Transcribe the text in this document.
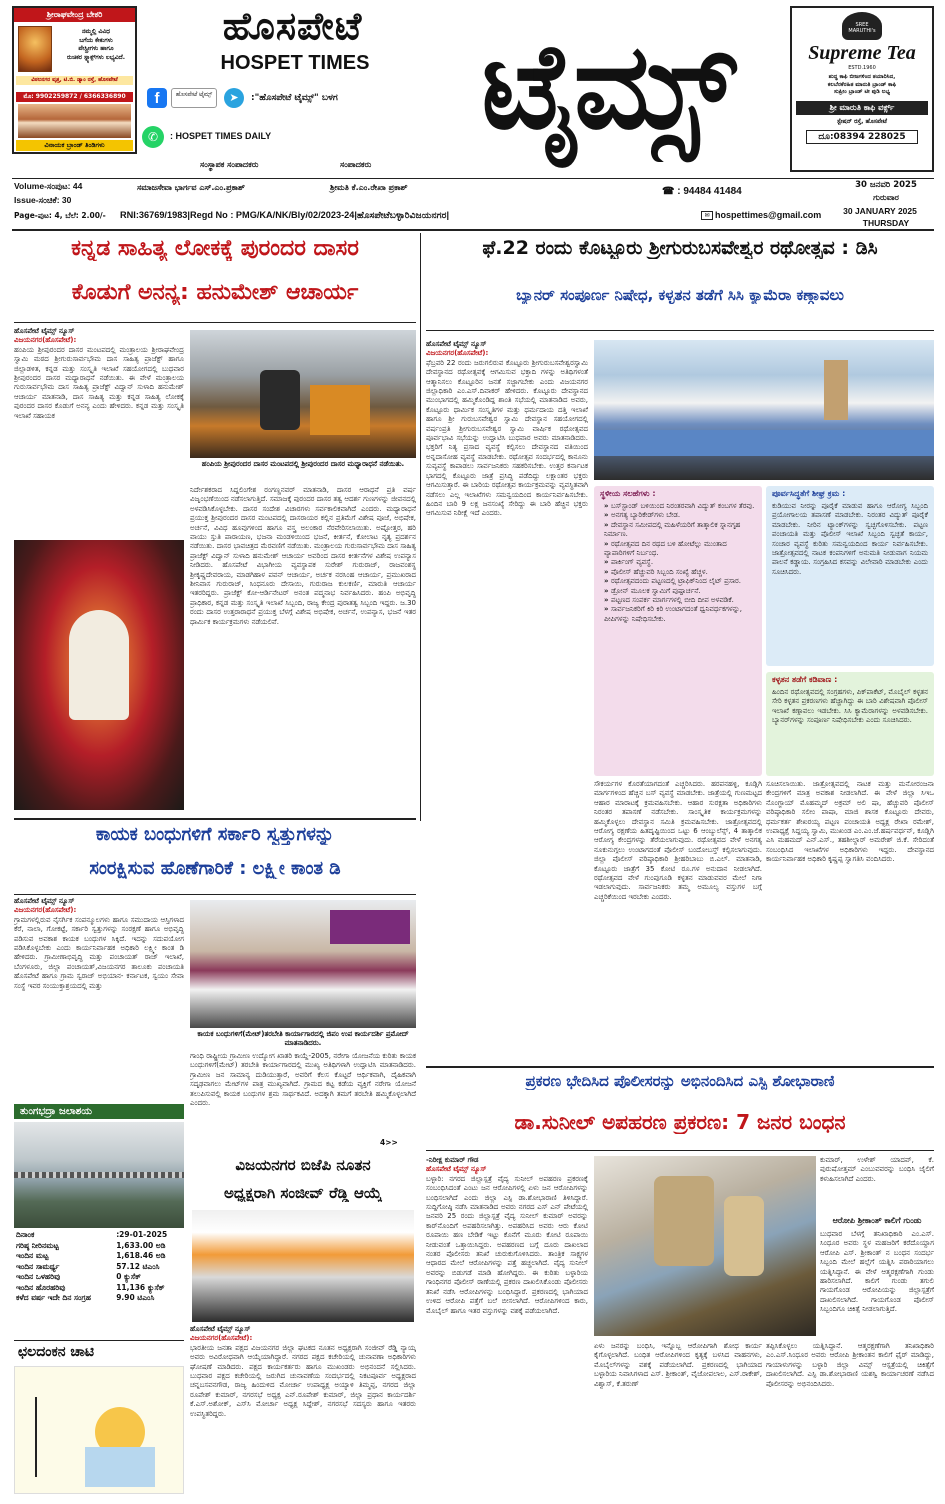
ಶ್ರೀರಾಘವೇಂದ್ರ ಬೇಕರಿ
ನಮ್ಮಲ್ಲಿ ವಿವಿಧ
ಬಗೆಯ ಕೇಕುಗಳು
ಪೇಸ್ಟ್ರೀಗಳು ಹಾಗೂ
ರುಚಿಕರ ಸ್ನ್ಯಾಕ್ಸ್‌ಗಳು ಲಭ್ಯವಿದೆ.
ವಿಠಲನಗರ ವೃತ್ತ, ಟಿ.ಬಿ. ಡ್ಯಾಂ ರಸ್ತೆ, ಹೊಸಪೇಟೆ
ಮೊ: 9902259872 / 6366336890
ವಿನಾಯಕ ಬ್ರಾಂಡ್ ತಿಂಡಿಗಳು
ಹೊಸಪೇಟೆ
HOSPET TIMES ಟೈಮ್ಸ್
f	ಹೊಸಪೇಟೆ ಟೈಮ್ಸ್	➤	:"ಹೊಸಪೇಟೆ ಟೈಮ್ಸ್" ಬಳಗ
✆	: HOSPET TIMES DAILY
ಸಂಸ್ಥಾಪಕ ಸಂಪಾದಕರು	ಸಂಪಾದಕರು
SREE MARUTHI's
Supreme Tea
ESTD.1960
ಶುದ್ಧ ಕಾಫಿ ಬೀಜಗಳಿಂದ ತಯಾರಿಸಿದ,
ಕಲಬೆರಕೆರಹಿತ ಮಾರುತಿ ಬ್ರಾಂಡ್ ಕಾಫಿ
ಸುಪ್ರೀಂ ಬ್ರಾಂಡ್ ಟೀ ಪುಡಿ ಲಭ್ಯ
ಶ್ರೀ ಮಾರುತಿ ಕಾಫಿ ವರ್ಕ್ಸ್
ಸ್ಟೇಷನ್ ರಸ್ತೆ, ಹೊಸಪೇಟೆ
ದೂ:08394 228025
Volume-ಸಂಪುಟ: 44
Issue-ಸಂಚಿಕೆ: 30
Page-ಪುಟ: 4, ಬೆಲೆ: 2.00/-
ಸಮಾಜಸೇವಾ ಭಾರ್ಗವ ಎಸ್.ಎಂ.ಪ್ರಕಾಶ್	ಶ್ರೀಮತಿ ಕೆ.ಎಂ.ರೇಖಾ ಪ್ರಕಾಶ್	☎ : 94484 41484
RNI:36769/1983|Regd No : PMG/KA/NK/Bly/02/2023-24|ಹೊಸಪೇಟೆಬಳ್ಳಾರಿವಿಜಯನಗರ|	✉ hospettimes@gmail.com
30 ಜನವರಿ 2025
ಗುರುವಾರ
30 JANUARY 2025
THURSDAY
ಕನ್ನಡ ಸಾಹಿತ್ಯ ಲೋಕಕ್ಕೆ ಪುರಂದರ ದಾಸರ
ಕೊಡುಗೆ ಅನನ್ಯ: ಹನುಮೇಶ್ ಆಚಾರ್ಯ
ಹೊಸಪೇಟೆ ಟೈಮ್ಸ್ ನ್ಯೂಸ್
ವಿಜಯನಗರ(ಹೊಸಪೇಟೆ):
ಹಂಪಿಯ ಶ್ರೀಪುರಂದರ ದಾಸರ ಮಂಟಪದಲ್ಲಿ ಮಂತ್ರಾಲಯ ಶ್ರೀರಾಘವೇಂದ್ರ ಸ್ವಾಮಿ ಮಠದ ಶ್ರೀಗುರುಸಾರ್ವಭೌಮ ದಾಸ ಸಾಹಿತ್ಯ ಪ್ರಾಜೆಕ್ಟ್ ಹಾಗೂ ಜಿಲ್ಲಾಡಳಿತ, ಕನ್ನಡ ಮತ್ತು ಸಂಸ್ಕೃತಿ ಇಲಾಖೆ ಸಹಯೋಗದಲ್ಲಿ ಬುಧವಾರ ಶ್ರೀಪುರಂದರ ದಾಸರ ಮಧ್ಯಾರಾಧನೆ ನಡೆಯಿತು. ಈ ವೇಳೆ ಮಂತ್ರಾಲಯ ಗುರುಸಾರ್ವಭೌಮ ದಾಸ ಸಾಹಿತ್ಯ ಪ್ರಾಜೆಕ್ಟ್ ವಿದ್ವಾನ್ ಸುಳಾದಿ ಹನುಮೇಶ್ ಆಚಾರ್ಯ ಮಾತನಾಡಿ, ದಾಸ ಸಾಹಿತ್ಯ ಮತ್ತು ಕನ್ನಡ ಸಾಹಿತ್ಯ ಲೋಕಕ್ಕೆ ಪುರಂದರ ದಾಸರ ಕೊಡುಗೆ ಅನನ್ಯ ಎಂದು ಹೇಳಿದರು. ಕನ್ನಡ ಮತ್ತು ಸಂಸ್ಕೃತಿ ಇಲಾಖೆ ಸಹಾಯಕ
ಹಂಪಿಯ ಶ್ರೀಪುರಂದರ ದಾಸರ ಮಂಟಪದಲ್ಲಿ ಶ್ರೀಪುರಂದರ ದಾಸರ ಮಧ್ಯಾರಾಧನೆ ನಡೆಯಿತು.
ನಿರ್ದೇಶಕರಾದ ಸಿದ್ದಲಿಂಗೇಶ ರಂಗಣ್ಣನವರ್ ಮಾತನಾಡಿ, ದಾಸರ ಆರಾಧನೆ ಪ್ರತಿ ವರ್ಷ ವಿಜೃಂಭಣೆಯಿಂದ ನಡೆಸಲಾಗುತ್ತಿದೆ. ಸಮಾಜಕ್ಕೆ ಪುರಂದರ ದಾಸರ ತತ್ವ ಆದರ್ಶ ಗುಣಗಳನ್ನು ಜೀವನದಲ್ಲಿ ಅಳವಡಿಸಿಕೊಳ್ಳಬೇಕು. ದಾಸರ ಸಂದೇಶ ವಿಚಾರಗಳು ಸರ್ವಕಾಲಿಕವಾಗಿದೆ ಎಂದರು. ಮಧ್ಯಾರಾಧನೆ ಪ್ರಯುಕ್ತ ಶ್ರೀಪುರಂದರ ದಾಸರ ಮಂಟಪದಲ್ಲಿ ದಾಸರಾಯರ ಕಲ್ಲಿನ ಪ್ರತಿಮೆಗೆ ವಿಶೇಷ ಪೂಜೆ, ಅಭಿಷೇಕ, ಅರ್ಚನೆ, ವಿವಿಧ ಹೂವುಗಳಿಂದ ಹಾಗೂ ವಸ್ತ್ರ ಅಲಂಕಾರ ನೆರವೇರಿಸಲಾಯಿತು. ಅಷ್ಟೋತ್ತರ, ಹರಿ ವಾಯು ಸ್ತುತಿ ಪಾರಾಯಣ, ಭಜನಾ ಮಂಡಳಿಯಿಂದ ಭಜನೆ, ಕೀರ್ತನೆ, ಕೋಲಾಟ ನೃತ್ಯ ಪ್ರದರ್ಶನ ನಡೆಯಿತು. ದಾಸರ ಭಾವಚಿತ್ರದ ಮೆರವಣಿಗೆ ನಡೆಯಿತು. ಮಂತ್ರಾಲಯ ಗುರುಸಾರ್ವಭೌಮ ದಾಸ ಸಾಹಿತ್ಯ ಪ್ರಾಜೆಕ್ಟ್ ವಿದ್ವಾನ್ ಸುಳಾದಿ ಹನುಮೇಶ್ ಆಚಾರ್ಯ ಅವರಿಂದ ದಾಸರ ಕೀರ್ತನೆಗಳ ವಿಶೇಷ ಉಪನ್ಯಾಸ ನೀಡಿದರು. ಹೊಸಪೇಟೆ ವಿಭಾಗೀಯ ವ್ಯವಸ್ಥಾಪಕ ಸುರೇಶ್ ಗುರುರಾಜ್, ರಾಜವಂಶಸ್ಥ ಶ್ರೀಕೃಷ್ಣದೇವರಾಯ, ಮಾಡಗಿಹಾಳ ಪವನ್ ಆಚಾರ್ಯ, ಅರ್ಚಕ ನರಸಿಂಹ ಆಚಾರ್ಯ, ಪ್ರಮುಖರಾದ ಶೀನಿವಾಸ ಗುರುರಾಜ್, ಸಿಂಧನೂರು ದೇಸಾಯಿ, ಗುರುರಾಜ ಕುಲಕರ್ಣಿ, ಮಾರುತಿ ಆಚಾರ್ಯ ಇತರರಿದ್ದರು. ಪ್ರಾಜೆಕ್ಟ್ ಕೋ-ಆರ್ಡಿನೇಟರ್ ಅನಂತ ಪದ್ಮನಾಭ ನಿರ್ವಹಿಸಿದರು. ಹಂಪಿ ಅಭಿವೃದ್ಧಿ ಪ್ರಾಧಿಕಾರ, ಕನ್ನಡ ಮತ್ತು ಸಂಸ್ಕೃತಿ ಇಲಾಖೆ ಸಿಬ್ಬಂದಿ, ರಾಜ್ಯ ಕೇಂದ್ರ ಪುರಾತತ್ವ ಸಿಬ್ಬಂದಿ ಇದ್ದರು. ಜ.30 ರಂದು ದಾಸರ ಉತ್ತರಾರಾಧನೆ ಪ್ರಯುಕ್ತ ಬೆಳಗ್ಗೆ ವಿಶೇಷ ಅಭಿಷೇಕ, ಅರ್ಚನೆ, ಉಪನ್ಯಾಸ, ಭಜನೆ ಇತರ ಧಾರ್ಮಿಕ ಕಾರ್ಯಕ್ರಮಗಳು ನಡೆಯಲಿವೆ.
ಕಾಯಕ ಬಂಧುಗಳಿಗೆ ಸರ್ಕಾರಿ ಸ್ವತ್ತುಗಳನ್ನು
ಸಂರಕ್ಷಿಸುವ ಹೊಣೆಗಾರಿಕೆ : ಲಕ್ಷ್ಮೀ ಕಾಂತ ಡಿ
ಹೊಸಪೇಟೆ ಟೈಮ್ಸ್ ನ್ಯೂಸ್
ವಿಜಯನಗರ(ಹೊಸಪೇಟೆ):
ಗ್ರಾಮಗಳಲ್ಲಿರುವ ನೈಸರ್ಗಿಕ ಸಂಪನ್ಮೂಲಗಳು ಹಾಗೂ ಸಮುದಾಯ ಆಸ್ತಿಗಳಾದ ಕೆರೆ, ನಾಲಾ, ಗೋಕಟ್ಟೆ, ಸರ್ಕಾರಿ ಸ್ವತ್ತುಗಳನ್ನು ಸಂರಕ್ಷಣೆ ಹಾಗೂ ಅಭಿವೃದ್ಧಿ ಪಡಿಸುವ ಅವಕಾಶ ಕಾಯಕ ಬಂಧುಗಳ ಸಿಕ್ಕಿದೆ. ಇದನ್ನು ಸದುಪಯೋಗ ಪಡಿಸಿಕೊಳ್ಳಬೇಕು ಎಂದು ಕಾರ್ಯನಿರ್ವಾಹಕ ಅಧಿಕಾರಿ ಲಕ್ಷ್ಮೀ ಕಾಂತ ಡಿ ಹೇಳಿದರು. ಗ್ರಾಮೀಣಾಭಿವೃದ್ಧಿ ಮತ್ತು ಪಂಚಾಯತ್ ರಾಜ್ ಇಲಾಖೆ, ಬೆಂಗಳೂರು, ಜಿಲ್ಲಾ ಪಂಚಾಯತ್,ವಿಜಯನಗರ ತಾಲೂಕು ಪಂಚಾಯತಿ ಹೊಸಪೇಟೆ ಹಾಗೂ ಗ್ರಾಮ ಸ್ವರಾಜ್ ಅಭಿಯಾನ- ಕರ್ನಾಟಕ, ಸ್ವಯಂ ಸೇವಾ ಸಂಸ್ಥೆ ಇವರ ಸಂಯುಕ್ತಾಶ್ರಯದಲ್ಲಿ ಮತ್ತು
ಕಾಯಕ ಬಂಧುಗಳಿಗೆ(ಮೇಟ್)ತರಬೇತಿ ಕಾರ್ಯಾಗಾರದಲ್ಲಿ ಜಿಪಂ ಉಪ ಕಾರ್ಯದರ್ಶಿ ಪ್ರಮೋದ್ ಮಾತನಾಡಿದರು.
ಗಾಂಧಿ ರಾಷ್ಟ್ರೀಯ ಗ್ರಾಮೀಣ ಉದ್ಯೋಗ ಖಾತರಿ ಕಾಯ್ದೆ-2005, ನರೇಗಾ ಯೋಜನೆಯ ಕುರಿತು ಕಾಯಕ ಬಂಧುಗಳಿಗೆ(ಮೇಟ್) ತರಬೇತಿ ಕಾರ್ಯಾಗಾರದಲ್ಲಿ ಮುಖ್ಯ ಅತಿಥಿಗಳಾಗಿ ಉದ್ಘಾಟಿಸಿ ಮಾತನಾಡಿದರು. ಗ್ರಾಮೀಣ ಜನ ಸಾಮಾನ್ಯ ದುಡಿಯುತ್ತಾರೆ, ಅವರಿಗೆ ಕೆಲಸ ಕೊಟ್ಟರೆ ಆರ್ಥಿಕವಾಗಿ, ದೈಹಿಕವಾಗಿ ಸದೃಢವಾಗಲು ಮೇಟ್‌ಗಳ ಪಾತ್ರ ಮುಖ್ಯವಾಗಿದೆ. ಗ್ರಾಮದ ಕಟ್ಟ ಕಡೆಯ ವ್ಯಕ್ತಿಗೆ ನರೇಗಾ ಯೋಜನೆ ತಲುಪಿಸುವಲ್ಲಿ ಕಾಯಕ ಬಂಧುಗಳ ಶ್ರಮ ಸಾರ್ಥಕವಿದೆ. ಅದಕ್ಕಾಗಿ ತಮಗೆ ತರಬೇತಿ ಹಮ್ಮಿಕೊಳ್ಳಲಾಗಿದೆ ಎಂದರು.
4>>
ತುಂಗಭದ್ರಾ ಜಲಾಶಯ
ದಿನಾಂಕ	:29-01-2025
ಗರಿಷ್ಠ ನೀರಿನಮಟ್ಟ	1,633.00 ಅಡಿ
ಇಂದಿನ ಮಟ್ಟ	1,618.46 ಅಡಿ
ಇಂದಿನ ಸಾಮರ್ಥ್ಯ	57.12 ಟಿಎಂಸಿ
ಇಂದಿನ ಒಳಹರಿವು	0 ಕ್ಯುಸೆಕ್
ಇಂದಿನ ಹೊರಹರಿವು	11,136 ಕ್ಯುಸೆಕ್
ಕಳೆದ ವರ್ಷ ಇದೇ ದಿನ ಸಂಗ್ರಹ	9.90 ಟಿಎಂಸಿ
ಛಲದಂಕನ ಚಾಟಿ
ವಿಜಯನಗರ ಬಿಜೆಪಿ ನೂತನ
ಅಧ್ಯಕ್ಷರಾಗಿ ಸಂಜೀವ್ ರೆಡ್ಡಿ ಆಯ್ಕೆ
ಹೊಸಪೇಟೆ ಟೈಮ್ಸ್ ನ್ಯೂಸ್
ವಿಜಯನಗರ(ಹೊಸಪೇಟೆ):
ಭಾರತೀಯ ಜನತಾ ಪಕ್ಷದ ವಿಜಯನಗರ ಜಿಲ್ಲಾ ಘಟಕದ ನೂತನ ಅಧ್ಯಕ್ಷರಾಗಿ ಸಂಜೀವ್ ರೆಡ್ಡಿ ನ್ಯಾಯ್ಕ ಅವರು ಅವಿರೋಧವಾಗಿ ಆಯ್ಕೆಯಾಗಿದ್ದಾರೆ. ನಗರದ ಪಕ್ಷದ ಕಚೇರಿಯಲ್ಲಿ ಚುನಾವಣಾ ಅಧಿಕಾರಿಗಳು ಘೋಷಣೆ ಮಾಡಿದರು. ಪಕ್ಷದ ಕಾರ್ಯಕರ್ತರು ಹಾಗೂ ಮುಖಂಡರು ಅಭಿನಂದನೆ ಸಲ್ಲಿಸಿದರು. ಬುಧವಾರ ಪಕ್ಷದ ಕಚೇರಿಯಲ್ಲಿ ಜರುಗಿದ ಚುನಾವಣೆಯ ಸಂದರ್ಭದಲ್ಲಿ ನಿಕಟಪೂರ್ವ ಅಧ್ಯಕ್ಷರಾದ ಚನ್ನಬಸವನಗೌಡ, ರಾಜ್ಯ ಹಿಂದುಳಿದ ಮೋರ್ಚಾ ಉಪಾಧ್ಯಕ್ಷ ಅಯ್ಯಾಳಿ ತಿಮ್ಮಪ್ಪ, ನಗರದ ಜಿಲ್ಲಾ ರೂಪೇಶ್ ಕುಮಾರ್, ನಗರಸಭೆ ಅಧ್ಯಕ್ಷ ಎನ್.ರೂಪೇಶ್ ಕುಮಾರ್, ಜಿಲ್ಲಾ ಪ್ರಧಾನ ಕಾರ್ಯದರ್ಶಿ ಕೆ.ಎಸ್.ಅಶೋಕ್, ಎಸ್‌ಸಿ ಮೋರ್ಚಾ ಅಧ್ಯಕ್ಷ ಸಿದ್ದೇಶ್, ನಗರಸಭೆ ಸದಸ್ಯರು ಹಾಗೂ ಇತರರು ಉಪಸ್ಥಿತರಿದ್ದರು.
ಫೆ.22 ರಂದು ಕೊಟ್ಟೂರು ಶ್ರೀಗುರುಬಸವೇಶ್ವರ ರಥೋತ್ಸವ : ಡಿಸಿ
ಬ್ಯಾನರ್ ಸಂಪೂರ್ಣ ನಿಷೇಧ, ಕಳ್ಳತನ ತಡೆಗೆ ಸಿಸಿ ಕ್ಯಾಮೆರಾ ಕಣ್ಗಾವಲು
ಹೊಸಪೇಟೆ ಟೈಮ್ಸ್ ನ್ಯೂಸ್
ವಿಜಯನಗರ(ಹೊಸಪೇಟೆ):
ಫೆಬ್ರವರಿ 22 ರಂದು ಜರುಗಲಿರುವ ಕೊಟ್ಟೂರು ಶ್ರೀಗುರುಬಸವೇಶ್ವರಸ್ವಾಮಿ ದೇವಸ್ಥಾನದ ರಥೋತ್ಸವಕ್ಕೆ ಆಗಮಿಸುವ ಭಕ್ತಾದಿ ಗಳನ್ನು ಅತಿಥಿಗಳಂತೆ ಆತ್ಮಾನಿಸಲು ಕೊಟ್ಟೂರಿನ ಜನತೆ ಸಜ್ಜಾಗಬೇಕು ಎಂದು ವಿಜಯನಗರ ಜಿಲ್ಲಾಧಿಕಾರಿ ಎಂ.ಎಸ್.ದಿವಾಕರ್ ಹೇಳಿದರು. ಕೊಟ್ಟೂರು ದೇವಸ್ಥಾನದ ಮುಂಭಾಗದಲ್ಲಿ ಹಮ್ಮಿಕೊಂಡಿದ್ದ ಶಾಂತಿ ಸಭೆಯಲ್ಲಿ ಮಾತನಾಡಿದ ಅವರು, ಕೊಟ್ಟೂರು ಧಾರ್ಮಿಕ ಸಂಸ್ಕೃತಿಗಳ ಮತ್ತು ಧರ್ಮದಾಯ ದತ್ತಿ ಇಲಾಖೆ ಹಾಗೂ ಶ್ರೀ ಗುರುಬಸವೇಶ್ವರ ಸ್ವಾಮಿ ದೇವಸ್ಥಾನ ಸಹಯೋಗದಲ್ಲಿ ವರ್ಷಂಪ್ರತಿ ಶ್ರೀಗುರುಬಸವೇಶ್ವರ ಸ್ವಾಮಿ ವಾರ್ಷಿಕ ರಥೋತ್ಸವದ ಪೂರ್ವಭಾವಿ ಸಭೆಯನ್ನು ಉದ್ಘಾಟಿಸಿ ಬುಧವಾರ ಅವರು ಮಾತನಾಡಿದರು. ಭಕ್ತರಿಗೆ ನಿತ್ಯ ಪ್ರಸಾದ ವ್ಯವಸ್ಥೆ ಕಲ್ಪಿಸಲು ದೇವಸ್ಥಾನದ ವತಿಯಿಂದ ಅನ್ನದಾಸೋಹ ವ್ಯವಸ್ಥೆ ಮಾಡಬೇಕು. ರಥೋತ್ಸವ ಸಂದರ್ಭದಲ್ಲಿ ಕಾನೂನು ಸುವ್ಯವಸ್ಥೆ ಕಾಪಾಡಲು ಸಾರ್ವಜನಿಕರು ಸಹಕರಿಸಬೇಕು. ಉತ್ತರ ಕರ್ನಾಟಕ ಭಾಗದಲ್ಲಿ ಕೊಟ್ಟೂರು ಜಾತ್ರೆ ಪ್ರಸಿದ್ಧಿ ಪಡೆದಿದ್ದು ಲಕ್ಷಾಂತರ ಭಕ್ತರು ಆಗಮಿಸುತ್ತಾರೆ. ಈ ಬಾರಿಯ ರಥೋತ್ಸವ ಕಾರ್ಯಕ್ರಮವನ್ನು ವ್ಯವಸ್ಥಿತವಾಗಿ ನಡೆಸಲು ಎಲ್ಲ ಇಲಾಖೆಗಳು ಸಮನ್ವಯದಿಂದ ಕಾರ್ಯನಿರ್ವಹಿಸಬೇಕು. ಹಿಂದಿನ ಬಾರಿ 9 ಲಕ್ಷ ಜನಸಂಖ್ಯೆ ಸೇರಿದ್ದು ಈ ಬಾರಿ ಹೆಚ್ಚಿನ ಭಕ್ತರು ಆಗಮಿಸುವ ನಿರೀಕ್ಷೆ ಇದೆ ಎಂದರು.
ಸ್ಥಳೀಯ ಸಲಹೆಗಳು :
» ಬಸ್‌ಸ್ಟಾಂಡ್ ಬಳಿಯಿಂದ ನಿರಂತರವಾಗಿ ವಿದ್ಯುತ್ ಕಂಬಗಳ ತೆರವು.
» ಅನಗತ್ಯ ಬ್ಯಾರಿಕೇಡ್‌ಗಳು ಬೇಡ.
» ದೇವಸ್ಥಾನ ಸಮೀಪದಲ್ಲಿ ಮಹಿಳೆಯರಿಗೆ ತಾತ್ಕಾಲಿಕ ಸ್ನಾನಗೃಹ ನಿರ್ಮಾಣ.
» ರಥೋತ್ಸವದ ದಿನ ರಥದ ಬಳಿ ಹೋಟೆಲ್ಲು ಮುಂತಾದ ವ್ಯಾಪಾರಿಗಳಿಗೆ ನಿರ್ಬಂಧ.
» ಪಾರ್ಕಿಂಗ್ ವ್ಯವಸ್ಥೆ.
» ಪೊಲೀಸ್ ಹೆಚ್ಚುವರಿ ಸಿಬ್ಬಂದಿ ಸಂಖ್ಯೆ ಹೆಚ್ಚಳ.
» ರಥೋತ್ಸವದಂದು ಪಟ್ಟಣದಲ್ಲಿ ಟ್ರಾಫಿಕ್‌ನಿಂದ ಲೈಟ್ ಪ್ರಸಾರ.
» ಡ್ರೋನ್ ಮೂಲಕ ಸ್ವಾಮಿಗೆ ಪುಷ್ಪಾರ್ಚನೆ.
» ಪಟ್ಟಣದ ಸಂಪರ್ಕ ಮಾರ್ಗಗಳಲ್ಲಿ ಬೀದಿ ದೀಪ ಅಳವಡಿಕೆ.
» ಸಾರ್ವಜನಿಕರಿಗೆ ಕಿರಿ ಕಿರಿ ಉಂಟಾಗದಂತೆ ಧ್ವನಿವರ್ಧಕಗಳನ್ನು, ಪೀಪಿಗಳನ್ನು ನಿಷೇಧಿಸಬೇಕು.
ಪೂರ್ವಸಿದ್ಧತೆಗೆ ಶೀಘ್ರ ಕ್ರಮ :
ಕುಡಿಯುವ ನೀರನ್ನು ಪೂರೈಕೆ ಮಾಡುವ ಹಾಗೂ ಆರೋಗ್ಯ ಸಿಬ್ಬಂದಿ ಪ್ರಯೋಗಾಲಯ ತಪಾಸಣೆ ಮಾಡಬೇಕು. ನಿರಂತರ ವಿದ್ಯುತ್ ಪೂರೈಕೆ ಮಾಡಬೇಕು. ನೀರಿನ ಟ್ಯಾಂಕ್‌ಗಳನ್ನು ಸ್ವಚ್ಛಗೊಳಿಸಬೇಕು. ಪಟ್ಟಣ ಪಂಚಾಯತಿ ಮತ್ತು ಪೊಲೀಸ್ ಇಲಾಖೆ ಸಿಬ್ಬಂದಿ ಸ್ವಚ್ಛತೆ ಕಾರ್ಯ, ಸಂಚಾರ ವ್ಯವಸ್ಥೆ ಕುರಿತು ಸಮನ್ವಯದಿಂದ ಕಾರ್ಯ ನಿರ್ವಹಿಸಬೇಕು. ಜಾತ್ರೋತ್ಸವದಲ್ಲಿ ನಾಟಕ ಕಂಪನಿಗಳಿಗೆ ಅನುಮತಿ ನೀಡುವಾಗ ನಿಯಮ ಪಾಲನೆ ಕಡ್ಡಾಯ. ಸಂಗ್ರಹಿಸಿದ ಕಸವನ್ನು ವಿಲೇವಾರಿ ಮಾಡಬೇಕು ಎಂದು ಸೂಚಿಸಿದರು.
ಕಳ್ಳತನ ತಡೆಗೆ ಕಡಿವಾಣ :
ಹಿಂದಿನ ರಥೋತ್ಸವದಲ್ಲಿ ಸಂಗ್ರಹಗಳು, ಪಿಕ್‌ಪಾಕೆಟ್, ಮೊಬೈಲ್ ಕಳ್ಳತನ ಸೇರಿ ಕಳ್ಳತನ ಪ್ರಕರಣಗಳು ಹೆಚ್ಚಾಗಿದ್ದು ಈ ಬಾರಿ ವಿಶೇಷವಾಗಿ ಪೊಲೀಸ್ ಇಲಾಖೆ ಕಣ್ಗಾವಲು ಇಡಬೇಕು. ಸಿಸಿ ಕ್ಯಾಮೆರಾಗಳನ್ನು ಅಳವಡಿಸಬೇಕು. ಬ್ಯಾನರ್‌ಗಳನ್ನು ಸಂಪೂರ್ಣ ನಿಷೇಧಿಸಬೇಕು ಎಂದು ಸೂಚಿಸಿದರು.
ಸೌಕರ್ಯಗಳ ಕೊರತೆಯಾಗದಂತೆ ಎಚ್ಚರಿಸಿದರು. ಹರಪನಹಳ್ಳಿ, ಕೂಡ್ಲಿಗಿ ಮಾರ್ಗಗಳಿಂದ ಹೆಚ್ಚಿನ ಬಸ್ ವ್ಯವಸ್ಥೆ ಮಾಡಬೇಕು. ಜಾತ್ರೆಯಲ್ಲಿ ಗುಣಮಟ್ಟದ ಆಹಾರ ಮಾರಾಟಕ್ಕೆ ಕ್ರಮವಹಿಸಬೇಕು. ಆಹಾರ ಸುರಕ್ಷತಾ ಅಧಿಕಾರಿಗಳು ನಿರಂತರ ತಪಾಸಣೆ ನಡೆಸಬೇಕು. ಸಾಂಸ್ಕೃತಿಕ ಕಾರ್ಯಕ್ರಮಗಳನ್ನು ಹಮ್ಮಿಕೊಳ್ಳಲು ದೇವಸ್ಥಾನ ಸಮಿತಿ ಕ್ರಮವಹಿಸಬೇಕು. ಜಾತ್ರೋತ್ಸವದಲ್ಲಿ ಆರೋಗ್ಯ ರಕ್ಷಣೆಯ ಹಿತದೃಷ್ಟಿಯಿಂದ ಒಟ್ಟು 6 ಆಂಬ್ಯುಲೆನ್ಸ್, 4 ತಾತ್ಕಾಲಿಕ ಆರೋಗ್ಯ ಕೇಂದ್ರಗಳನ್ನು ತೆರೆಯಲಾಗುವುದು. ರಥೋತ್ಸವದ ವೇಳೆ ಅನಗತ್ಯ ನೂಕುನುಗ್ಗಲು ಉಂಟಾಗದಂತೆ ಪೊಲೀಸ್ ಬಂದೋಬಸ್ತ್ ಕಲ್ಪಿಸಲಾಗುವುದು. ಜಿಲ್ಲಾ ಪೊಲೀಸ್ ವರಿಷ್ಠಾಧಿಕಾರಿ ಶ್ರೀಹರಿಬಾಬು ಬಿ.ಎಲ್. ಮಾತನಾಡಿ, ಕೊಟ್ಟೂರು ಜಾತ್ರೆಗೆ 35 ಕೋಟಿ ರೂ.ಗಳ ಅನುದಾನ ನೀಡಲಾಗಿದೆ. ರಥೋತ್ಸವದ ವೇಳೆ ಗುಂಪುಗೂಡಿ ಕಳ್ಳತನ ಮಾಡುವವರ ಮೇಲೆ ನಿಗಾ ಇಡಲಾಗುವುದು. ಸಾರ್ವಜನಿಕರು ತಮ್ಮ ಅಮೂಲ್ಯ ವಸ್ತುಗಳ ಬಗ್ಗೆ ಎಚ್ಚರಿಕೆಯಿಂದ ಇರಬೇಕು ಎಂದರು.
ಸೂಚಿಸಲಾಯಿತು. ಜಾತ್ರೋತ್ಸವದಲ್ಲಿ ನಾಟಕ ಮತ್ತು ಮನೋರಂಜನಾ ಕೇಂದ್ರಗಳಿಗೆ ಮಾತ್ರ ಅವಕಾಶ ನೀಡಲಾಗಿದೆ. ಈ ವೇಳೆ ಜಿಲ್ಲಾ ಸಿಇಒ ನೊಂಗ್ಜಾಯ್ ಮೊಹಮ್ಮದ್ ಅಕ್ರಮ್ ಅಲಿ ಷಾ, ಹೆಚ್ಚುವರಿ ಪೊಲೀಸ್ ವರಿಷ್ಠಾಧಿಕಾರಿ ಸಲೀಂ ಪಾಷಾ, ಮಾಜಿ ಶಾಸಕ ಕೊಟ್ಟೂರು ದೇವರು, ಧರ್ಮಕರ್ತ ಶೇಖರಯ್ಯ ಪಟ್ಟಣ ಪಂಚಾಯತಿ ಅಧ್ಯಕ್ಷ ರೇಖಾ ರಮೇಶ್, ಉಪಾಧ್ಯಕ್ಷೆ ಸಿದ್ದಯ್ಯ ಸ್ವಾಮಿ, ಮುಖಂಡ ಎಂ.ಎಂ.ಜೆ.ಹರ್ಷವರ್ಧನ್, ಕೂಡ್ಲಿಗಿ ಎಸಿ ಮಹಮದ್ ಎನ್.ಎಸ್., ತಹಶೀಲ್ದಾರ್ ಅಮರೇಶ್ ಜಿ.ಕೆ. ಸೇರಿದಂತೆ ಸಂಬಂಧಿಸಿದ ಇಲಾಖೆಗಳ ಅಧಿಕಾರಿಗಳು ಇದ್ದರು. ದೇವಸ್ಥಾನದ ಕಾರ್ಯನಿರ್ವಾಹಕ ಅಧಿಕಾರಿ ಕೃಷ್ಣಪ್ಪ ಸ್ವಾಗತಿಸಿ ವಂದಿಸಿದರು.
ಪ್ರಕರಣ ಭೇದಿಸಿದ ಪೊಲೀಸರನ್ನು ಅಭಿನಂದಿಸಿದ ಎಸ್ಪಿ ಶೋಭಾರಾಣಿ
ಡಾ.ಸುನೀಲ್ ಅಪಹರಣ ಪ್ರಕರಣ: 7 ಜನರ ಬಂಧನ
-ನಿರೀಕ್ಷ ಕುಮಾರ್ ಗೌಡ
ಹೊಸಪೇಟೆ ಟೈಮ್ಸ್ ನ್ಯೂಸ್
ಬಳ್ಳಾರಿ: ನಗರದ ಜಿಲ್ಲಾಸ್ಪತ್ರೆ ವೈದ್ಯ ಸುನೀಲ್ ಅಪಹರಣ ಪ್ರಕರಣಕ್ಕೆ ಸಂಬಂಧಿಸಿದಂತೆ ಎಂಟು ಜನ ಆರೋಪಿಗಳಲ್ಲಿ ಏಳು ಜನ ಆರೋಪಿಗಳನ್ನು ಬಂಧಿಸಲಾಗಿದೆ ಎಂದು ಜಿಲ್ಲಾ ಎಸ್ಪಿ ಡಾ.ಶೋಭಾರಾಣಿ ತಿಳಿಸಿದ್ದಾರೆ. ಸುದ್ದಿಗೋಷ್ಠಿ ನಡೆಸಿ ಮಾತನಾಡಿದ ಅವರು ನಗರದ ಎಸ್ ಎನ್ ಪೇಟೆಯಲ್ಲಿ ಜನವರಿ 25 ರಂದು ಜಿಲ್ಲಾಸ್ಪತ್ರೆ ವೈದ್ಯ ಸುನೀಲ್ ಕುಮಾರ್ ಅವರನ್ನು ಕಾರ್‌ನೊಂದಿಗೆ ಅಪಹರಿಸಲಾಗಿತ್ತು. ಅಪಹರಿಸಿದ ಅವರು ಆರು ಕೋಟಿ ರೂಪಾಯಿ ಹಣ ಬೇಡಿಕೆ ಇಟ್ಟು ಕೊನೆಗೆ ಮೂರು ಕೋಟಿ ರೂಪಾಯಿ ನೀಡುವಂತೆ ಒತ್ತಾಯಿಸಿದ್ದರು. ಅಪಹರಣದ ಬಗ್ಗೆ ದೂರು ದಾಖಲಾದ ನಂತರ ಪೊಲೀಸರು ತನಿಖೆ ಚುರುಕುಗೊಳಿಸಿದರು. ತಾಂತ್ರಿಕ ಸಾಕ್ಷ್ಯಗಳ ಆಧಾರದ ಮೇಲೆ ಆರೋಪಿಗಳನ್ನು ಪತ್ತೆ ಹಚ್ಚಲಾಗಿದೆ. ವೈದ್ಯ ಸುನೀಲ್ ಅವರನ್ನು ಬಿಡುಗಡೆ ಮಾಡಿ ಹೋಗಿದ್ದರು. ಈ ಕುರಿತು ಬಳ್ಳಾರಿಯ ಗಾಂಧಿನಗರ ಪೊಲೀಸ್ ಠಾಣೆಯಲ್ಲಿ ಪ್ರಕರಣ ದಾಖಲಿಸಿಕೊಂಡು ಪೊಲೀಸರು ತನಿಖೆ ನಡೆಸಿ ಆರೋಪಿಗಳನ್ನು ಬಂಧಿಸಿದ್ದಾರೆ. ಪ್ರಕರಣದಲ್ಲಿ ಭಾಗಿಯಾದ ಉಳಿದ ಆರೋಪಿ ಪತ್ತೆಗೆ ಬಲೆ ಬೀಸಲಾಗಿದೆ. ಆರೋಪಿಗಳಿಂದ ಕಾರು, ಮೊಬೈಲ್ ಹಾಗೂ ಇತರ ವಸ್ತುಗಳನ್ನು ವಶಕ್ಕೆ ಪಡೆಯಲಾಗಿದೆ.
ಕುಮಾರ್, ಉಳೇಶ್ ಯಾದವ್, ಕೆ. ಪುರುಷೋತ್ತಮ್ ಎಂಬುವವರನ್ನು ಬಂಧಿಸಿ ಜೈಲಿಗೆ ಕಳುಹಿಸಲಾಗಿದೆ ಎಂದರು.
ಆರೋಪಿ ಶ್ರೀಕಾಂತ್ ಕಾಲಿಗೆ ಗುಂಡು
ಬುಧವಾರ ಬೆಳಗ್ಗೆ ತನಿಖಾಧಿಕಾರಿ ಎಂ.ಎಸ್. ಸಿಂಧೂರ ಅವರು ಸ್ಥಳ ಮಹಜರಿಗೆ ಕರೆದೊಯ್ದಾಗ ಆರೋಪಿ ಎಸ್. ಶ್ರೀಕಾಂತ್ ನ ಬಂಧನ ಸಂದರ್ಭ ಸಿಬ್ಬಂದಿ ಮೇಲೆ ಹಲ್ಲೆಗೆ ಯತ್ನಿಸಿ ಪರಾರಿಯಾಗಲು ಯತ್ನಿಸಿದ್ದಾನೆ. ಈ ವೇಳೆ ಆತ್ಮರಕ್ಷಣೆಗಾಗಿ ಗುಂಡು ಹಾರಿಸಲಾಗಿದೆ. ಕಾಲಿಗೆ ಗುಂಡು ತಗುಲಿ ಗಾಯಗೊಂಡ ಆರೋಪಿಯನ್ನು ಜಿಲ್ಲಾಸ್ಪತ್ರೆಗೆ ದಾಖಲಿಸಲಾಗಿದೆ. ಗಾಯಗೊಂಡ ಪೊಲೀಸ್ ಸಿಬ್ಬಂದಿಗೂ ಚಿಕಿತ್ಸೆ ನೀಡಲಾಗುತ್ತಿದೆ.
ಏಳು ಜನರನ್ನು ಬಂಧಿಸಿ, ಇನ್ನೊಬ್ಬ ಆರೋಪಿಗಾಗಿ ಶೋಧ ಕಾರ್ಯ ಕೈಗೊಳ್ಳಲಾಗಿದೆ. ಬಂಧಿತ ಆರೋಪಿಗಳಿಂದ ಕೃತ್ಯಕ್ಕೆ ಬಳಸಿದ ವಾಹನಗಳು, ಮೊಬೈಲ್‌ಗಳನ್ನು ವಶಕ್ಕೆ ಪಡೆಯಲಾಗಿದೆ. ಪ್ರಕರಣದಲ್ಲಿ ಭಾಗಿಯಾದ ಬಳ್ಳಾರಿಯ ನಿವಾಸಿಗಳಾದ ಎಸ್. ಶ್ರೀಕಾಂತ್, ವೈಜೋಪಲಾಲ, ಎಸ್.ರಾಕೇಶ್, ವಿಶ್ವಾಸ್, ಕೆ.ತರುಣ್
ತಪ್ಪಿಸಿಕೊಳ್ಳಲು ಯತ್ನಿಸಿದ್ದಾನೆ. ಆತ್ಮರಕ್ಷಣೆಗಾಗಿ ತನಿಖಾಧಿಕಾರಿ ಎಂ.ಎಸ್.ಸಿಂಧೂರ ಅವರು ಆರೋಪಿ ಶ್ರೀಕಾಂತನ ಕಾಲಿಗೆ ಫೈರ್ ಮಾಡಿದ್ದು, ಗಾಯಾಳುಗಳನ್ನು ಬಳ್ಳಾರಿ ಜಿಲ್ಲಾ ವಿಮ್ಸ್ ಆಸ್ಪತ್ರೆಯಲ್ಲಿ ಚಿಕಿತ್ಸೆಗೆ ದಾಖಲಿಸಲಾಗಿದೆ. ಎಸ್ಪಿ ಡಾ.ಶೋಭಾರಾಣಿ ಯಶಸ್ವಿ ಕಾರ್ಯಾಚರಣೆ ನಡೆಸಿದ ಪೊಲೀಸರನ್ನು ಅಭಿನಂದಿಸಿದರು.
